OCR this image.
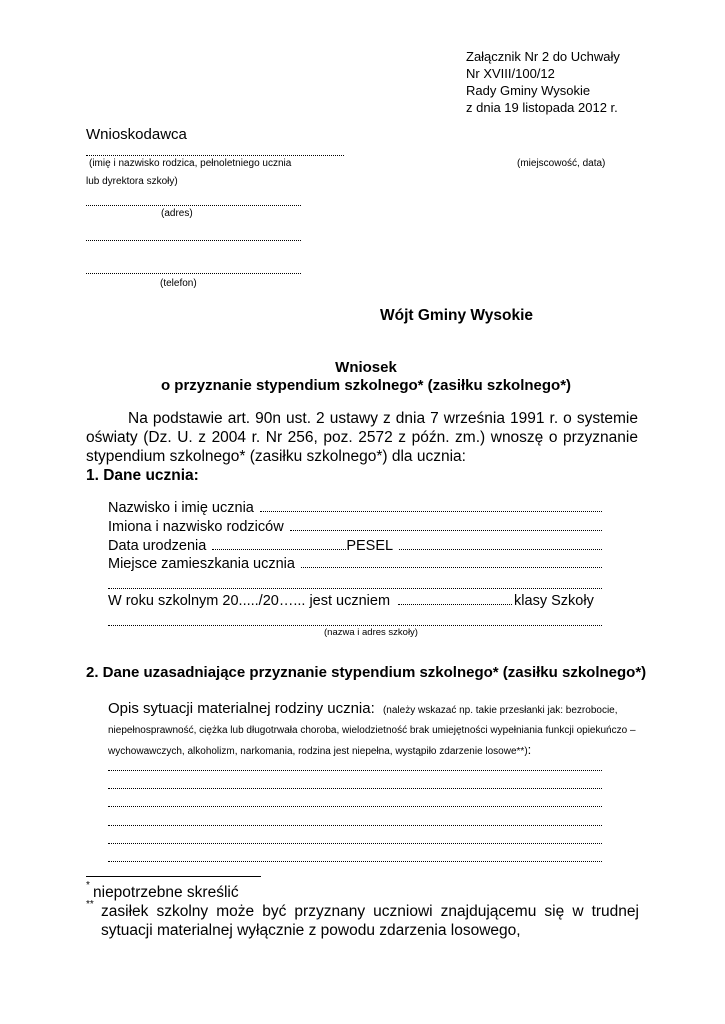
Załącznik Nr 2 do Uchwały
Nr XVIII/100/12
Rady Gminy Wysokie
z dnia 19 listopada 2012 r.
Wnioskodawca
(imię i nazwisko rodzica, pełnoletniego ucznia
lub dyrektora szkoły)
(miejscowość, data)
(adres)
(telefon)
Wójt Gminy Wysokie
Wniosek
o przyznanie stypendium szkolnego* (zasiłku szkolnego*)
Na podstawie art. 90n ust. 2 ustawy z dnia 7 września 1991 r. o systemie
oświaty (Dz. U. z 2004 r. Nr 256, poz. 2572 z późn. zm.) wnoszę o przyznanie
stypendium szkolnego* (zasiłku szkolnego*) dla ucznia:
1. Dane ucznia:
Nazwisko i imię ucznia
Imiona i nazwisko rodziców
Data urodzenia	PESEL
Miejsce zamieszkania ucznia
W roku szkolnym 20...../20…... jest uczniem	klasy Szkoły
(nazwa i adres szkoły)
2. Dane uzasadniające przyznanie stypendium szkolnego* (zasiłku szkolnego*)
Opis sytuacji materialnej rodziny ucznia: (należy wskazać np. takie przesłanki jak: bezrobocie,
niepełnosprawność, ciężka lub długotrwała choroba, wielodzietność brak umiejętności wypełniania funkcji opiekuńczo –
wychowawczych, alkoholizm, narkomania, rodzina jest niepełna, wystąpiło zdarzenie losowe**):
* niepotrzebne skreślić
** zasiłek szkolny może być przyznany uczniowi znajdującemu się w trudnej
sytuacji materialnej wyłącznie z powodu zdarzenia losowego,
